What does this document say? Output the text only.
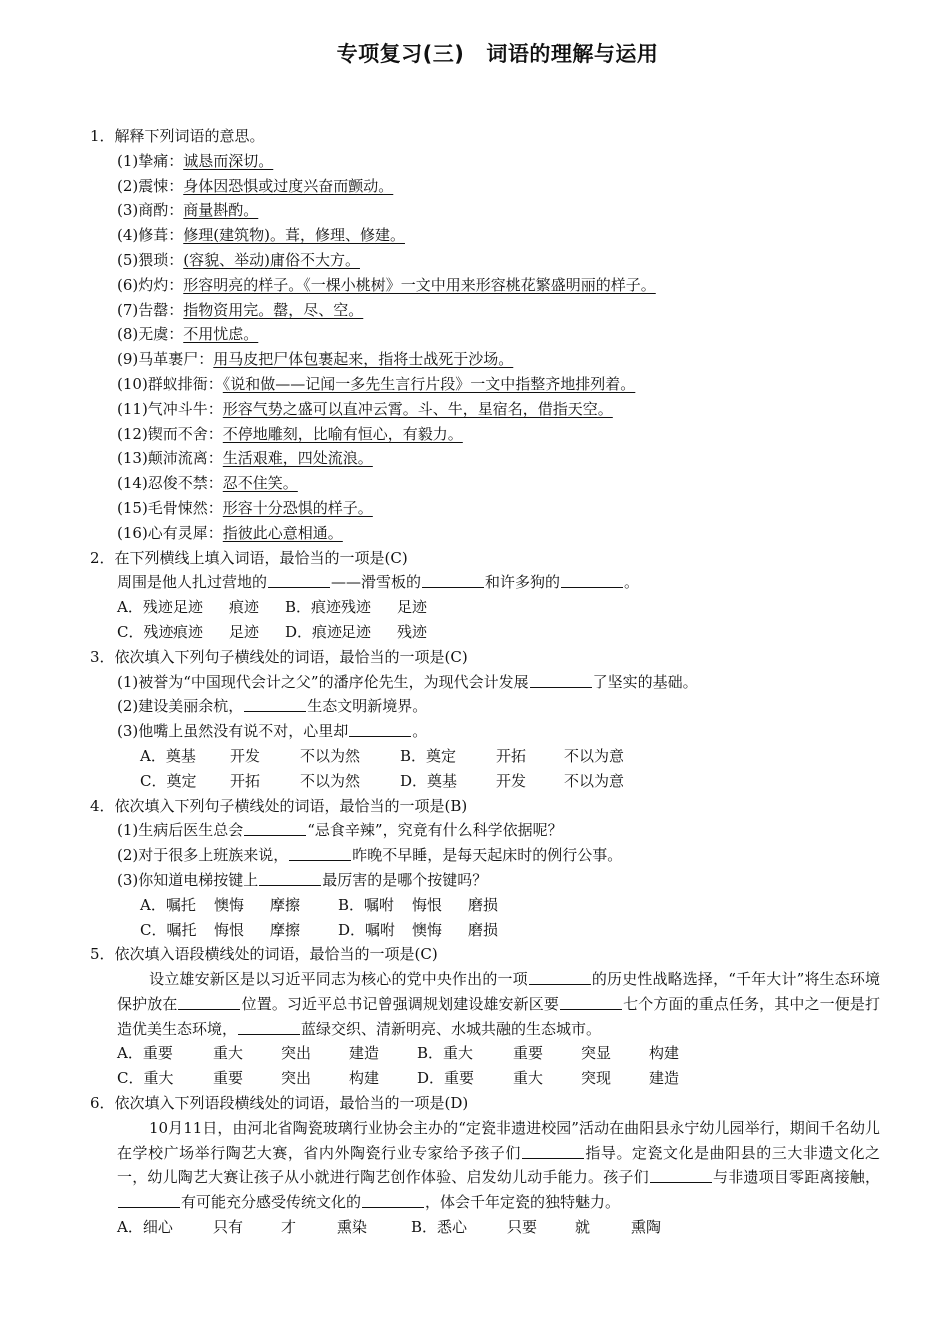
专项复习(三) 词语的理解与运用
1．解释下列词语的意思。
(1)挚痛：诚恳而深切。
(2)震悚：身体因恐惧或过度兴奋而颤动。
(3)商酌：商量斟酌。
(4)修葺：修理(建筑物)。葺，修理、修建。
(5)猥琐：(容貌、举动)庸俗不大方。
(6)灼灼：形容明亮的样子。《一棵小桃树》一文中用来形容桃花繁盛明丽的样子。
(7)告罄：指物资用完。罄，尽、空。
(8)无虞：不用忧虑。
(9)马革裹尸：用马皮把尸体包裹起来，指将士战死于沙场。
(10)群蚁排衙：《说和做——记闻一多先生言行片段》一文中指整齐地排列着。
(11)气冲斗牛：形容气势之盛可以直冲云霄。斗、牛，星宿名，借指天空。
(12)锲而不舍：不停地雕刻，比喻有恒心，有毅力。
(13)颠沛流离：生活艰难，四处流浪。
(14)忍俊不禁：忍不住笑。
(15)毛骨悚然：形容十分恐惧的样子。
(16)心有灵犀：指彼此心意相通。
2．在下列横线上填入词语，最恰当的一项是(C)
周围是他人扎过营地的	——滑雪板的	和许多狗的	。
A．残迹足迹 痕迹 B．痕迹残迹 足迹
C．残迹痕迹 足迹 D．痕迹足迹 残迹
3．依次填入下列句子横线处的词语，最恰当的一项是(C)
(1)被誉为“中国现代会计之父”的潘序伦先生，为现代会计发展	了坚实的基础。
(2)建设美丽余杭，	生态文明新境界。
(3)他嘴上虽然没有说不对，心里却	。
A．奠基 开发	不以为然	B．奠定	开拓	不以为意
C．奠定 开拓	不以为然	D．奠基	开发	不以为意
4．依次填入下列句子横线处的词语，最恰当的一项是(B)
(1)生病后医生总会	“忌食辛辣”，究竟有什么科学依据呢？
(2)对于很多上班族来说，	昨晚不早睡，是每天起床时的例行公事。
(3)你知道电梯按键上	最厉害的是哪个按键吗？
A．嘱托 懊悔 摩擦	B．嘱咐 悔恨 磨损
C．嘱托 悔恨 摩擦	D．嘱咐 懊悔 磨损
5．依次填入语段横线处的词语，最恰当的一项是(C)
设立雄安新区是以习近平同志为核心的党中央作出的一项	的历史性战略选择，“千年大计”将生态环境保护放在	位置。习近平总书记曾强调规划建设雄安新区要	七个方面的重点任务，其中之一便是打造优美生态环境，	蓝绿交织、清新明亮、水城共融的生态城市。
A．重要	重大	突出	建造	B．重大	重要	突显	构建
C．重大	重要	突出	构建	D．重要	重大	突现	建造
6．依次填入下列语段横线处的词语，最恰当的一项是(D)
10月11日，由河北省陶瓷玻璃行业协会主办的“定瓷非遗进校园”活动在曲阳县永宁幼儿园举行，期间千名幼儿在学校广场举行陶艺大赛，省内外陶瓷行业专家给予孩子们	指导。定瓷文化是曲阳县的三大非遗文化之一，幼儿陶艺大赛让孩子从小就进行陶艺创作体验、启发幼儿动手能力。孩子们	与非遗项目零距离接触，有可能充分感受传统文化的	，体会千年定瓷的独特魅力。
A．细心	只有	才	熏染	B．悉心	只要	就	熏陶
